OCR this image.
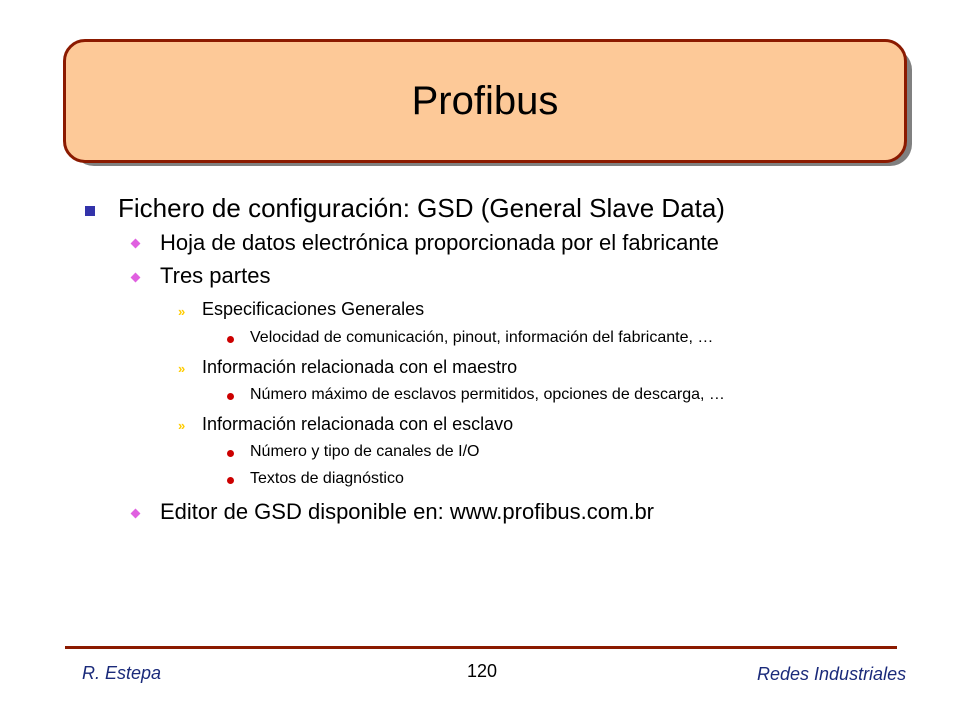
Profibus
Fichero de configuración: GSD (General Slave Data)
Hoja de datos electrónica proporcionada por el fabricante
Tres partes
» Especificaciones Generales
Velocidad de comunicación, pinout, información del fabricante, …
» Información relacionada con el maestro
Número máximo de esclavos permitidos, opciones de descarga, …
» Información relacionada con el esclavo
Número y tipo de canales de I/O
Textos de diagnóstico
Editor de GSD disponible en: www.profibus.com.br
R. Estepa	120	Redes Industriales
